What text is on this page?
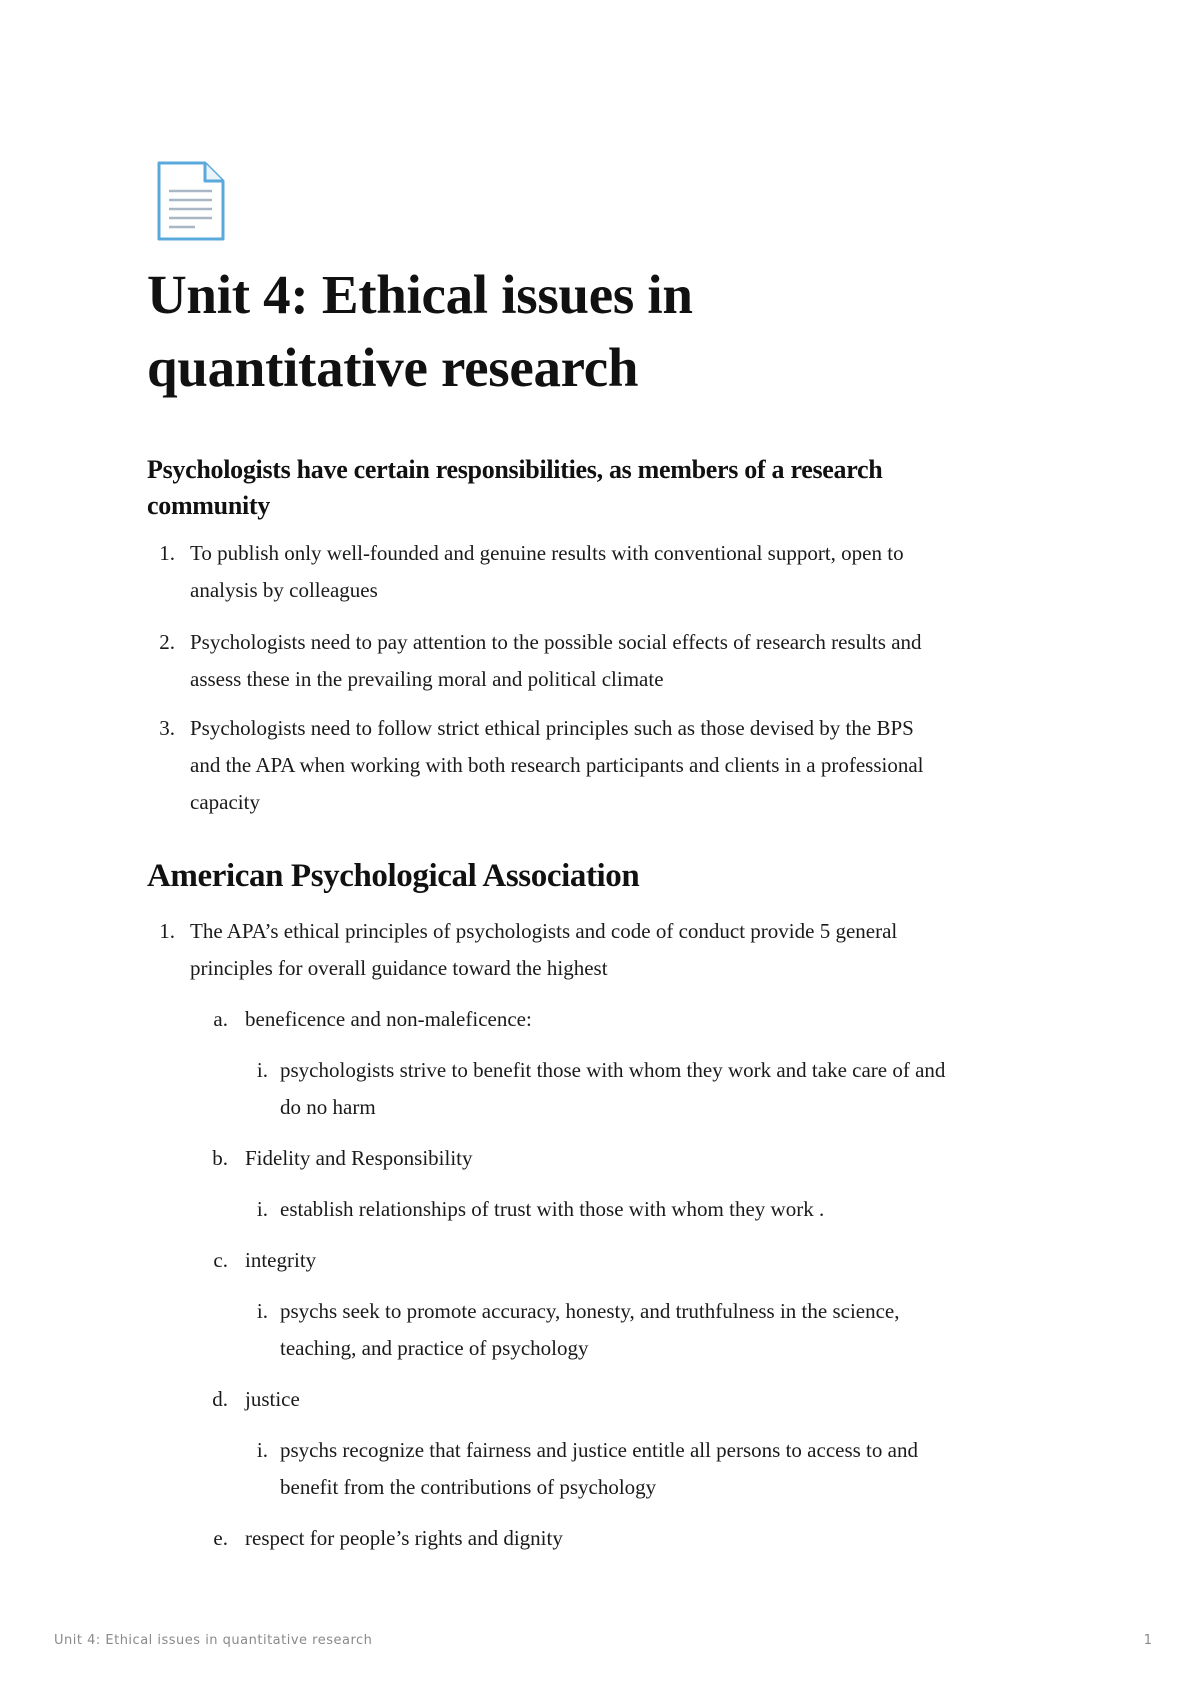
Unit 4: Ethical issues in
quantitative research
Psychologists have certain responsibilities, as members of a research
community
1. To publish only well-founded and genuine results with conventional support, open to
analysis by colleagues
2. Psychologists need to pay attention to the possible social effects of research results and
assess these in the prevailing moral and political climate
3. Psychologists need to follow strict ethical principles such as those devised by the BPS
and the APA when working with both research participants and clients in a professional
capacity
American Psychological Association
1. The APA’s ethical principles of psychologists and code of conduct provide 5 general
principles for overall guidance toward the highest
a. beneficence and non-maleficence:
i. psychologists strive to benefit those with whom they work and take care of and
do no harm
b. Fidelity and Responsibility
i. establish relationships of trust with those with whom they work .
c. integrity
i. psychs seek to promote accuracy, honesty, and truthfulness in the science,
teaching, and practice of psychology
d. justice
i. psychs recognize that fairness and justice entitle all persons to access to and
benefit from the contributions of psychology
e. respect for people’s rights and dignity
Unit 4: Ethical issues in quantitative research	1
